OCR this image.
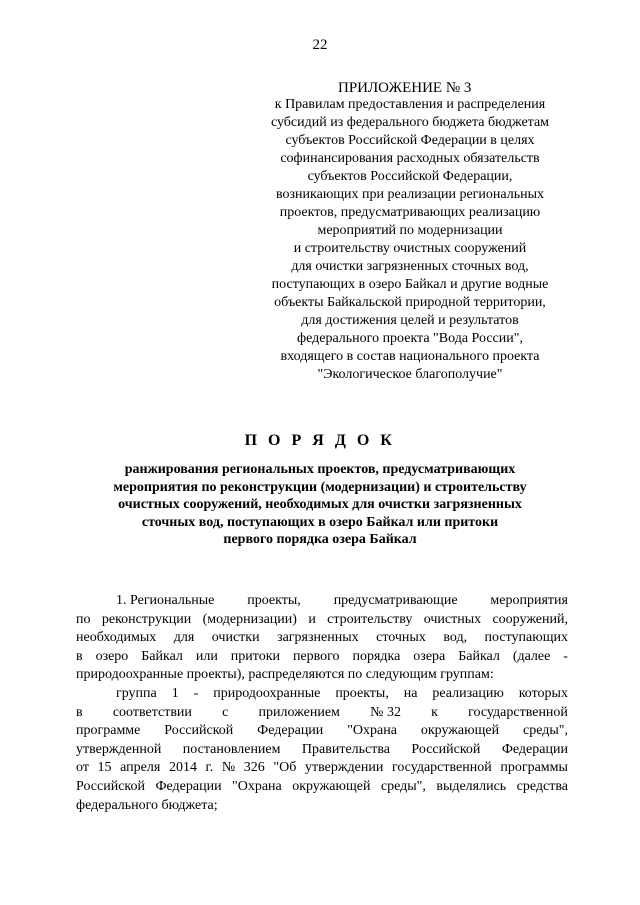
22
ПРИЛОЖЕНИЕ № 3
к Правилам предоставления и распределения
субсидий из федерального бюджета бюджетам
субъектов Российской Федерации в целях
софинансирования расходных обязательств
субъектов Российской Федерации,
возникающих при реализации региональных
проектов, предусматривающих реализацию
мероприятий по модернизации
и строительству очистных сооружений
для очистки загрязненных сточных вод,
поступающих в озеро Байкал и другие водные
объекты Байкальской природной территории,
для достижения целей и результатов
федерального проекта "Вода России",
входящего в состав национального проекта
"Экологическое благополучие"
П О Р Я Д О К
ранжирования региональных проектов, предусматривающих
мероприятия по реконструкции (модернизации) и строительству
очистных сооружений, необходимых для очистки загрязненных
сточных вод, поступающих в озеро Байкал или притоки
первого порядка озера Байкал
1. Региональные проекты, предусматривающие мероприятия
по реконструкции (модернизации) и строительству очистных сооружений,
необходимых для очистки загрязненных сточных вод, поступающих
в озеро Байкал или притоки первого порядка озера Байкал (далее -
природоохранные проекты), распределяются по следующим группам:
группа 1 - природоохранные проекты, на реализацию которых
в соответствии с приложением № 32 к государственной
программе Российской Федерации "Охрана окружающей среды",
утвержденной постановлением Правительства Российской Федерации
от 15 апреля 2014 г. № 326 "Об утверждении государственной программы
Российской Федерации "Охрана окружающей среды", выделялись средства
федерального бюджета;
